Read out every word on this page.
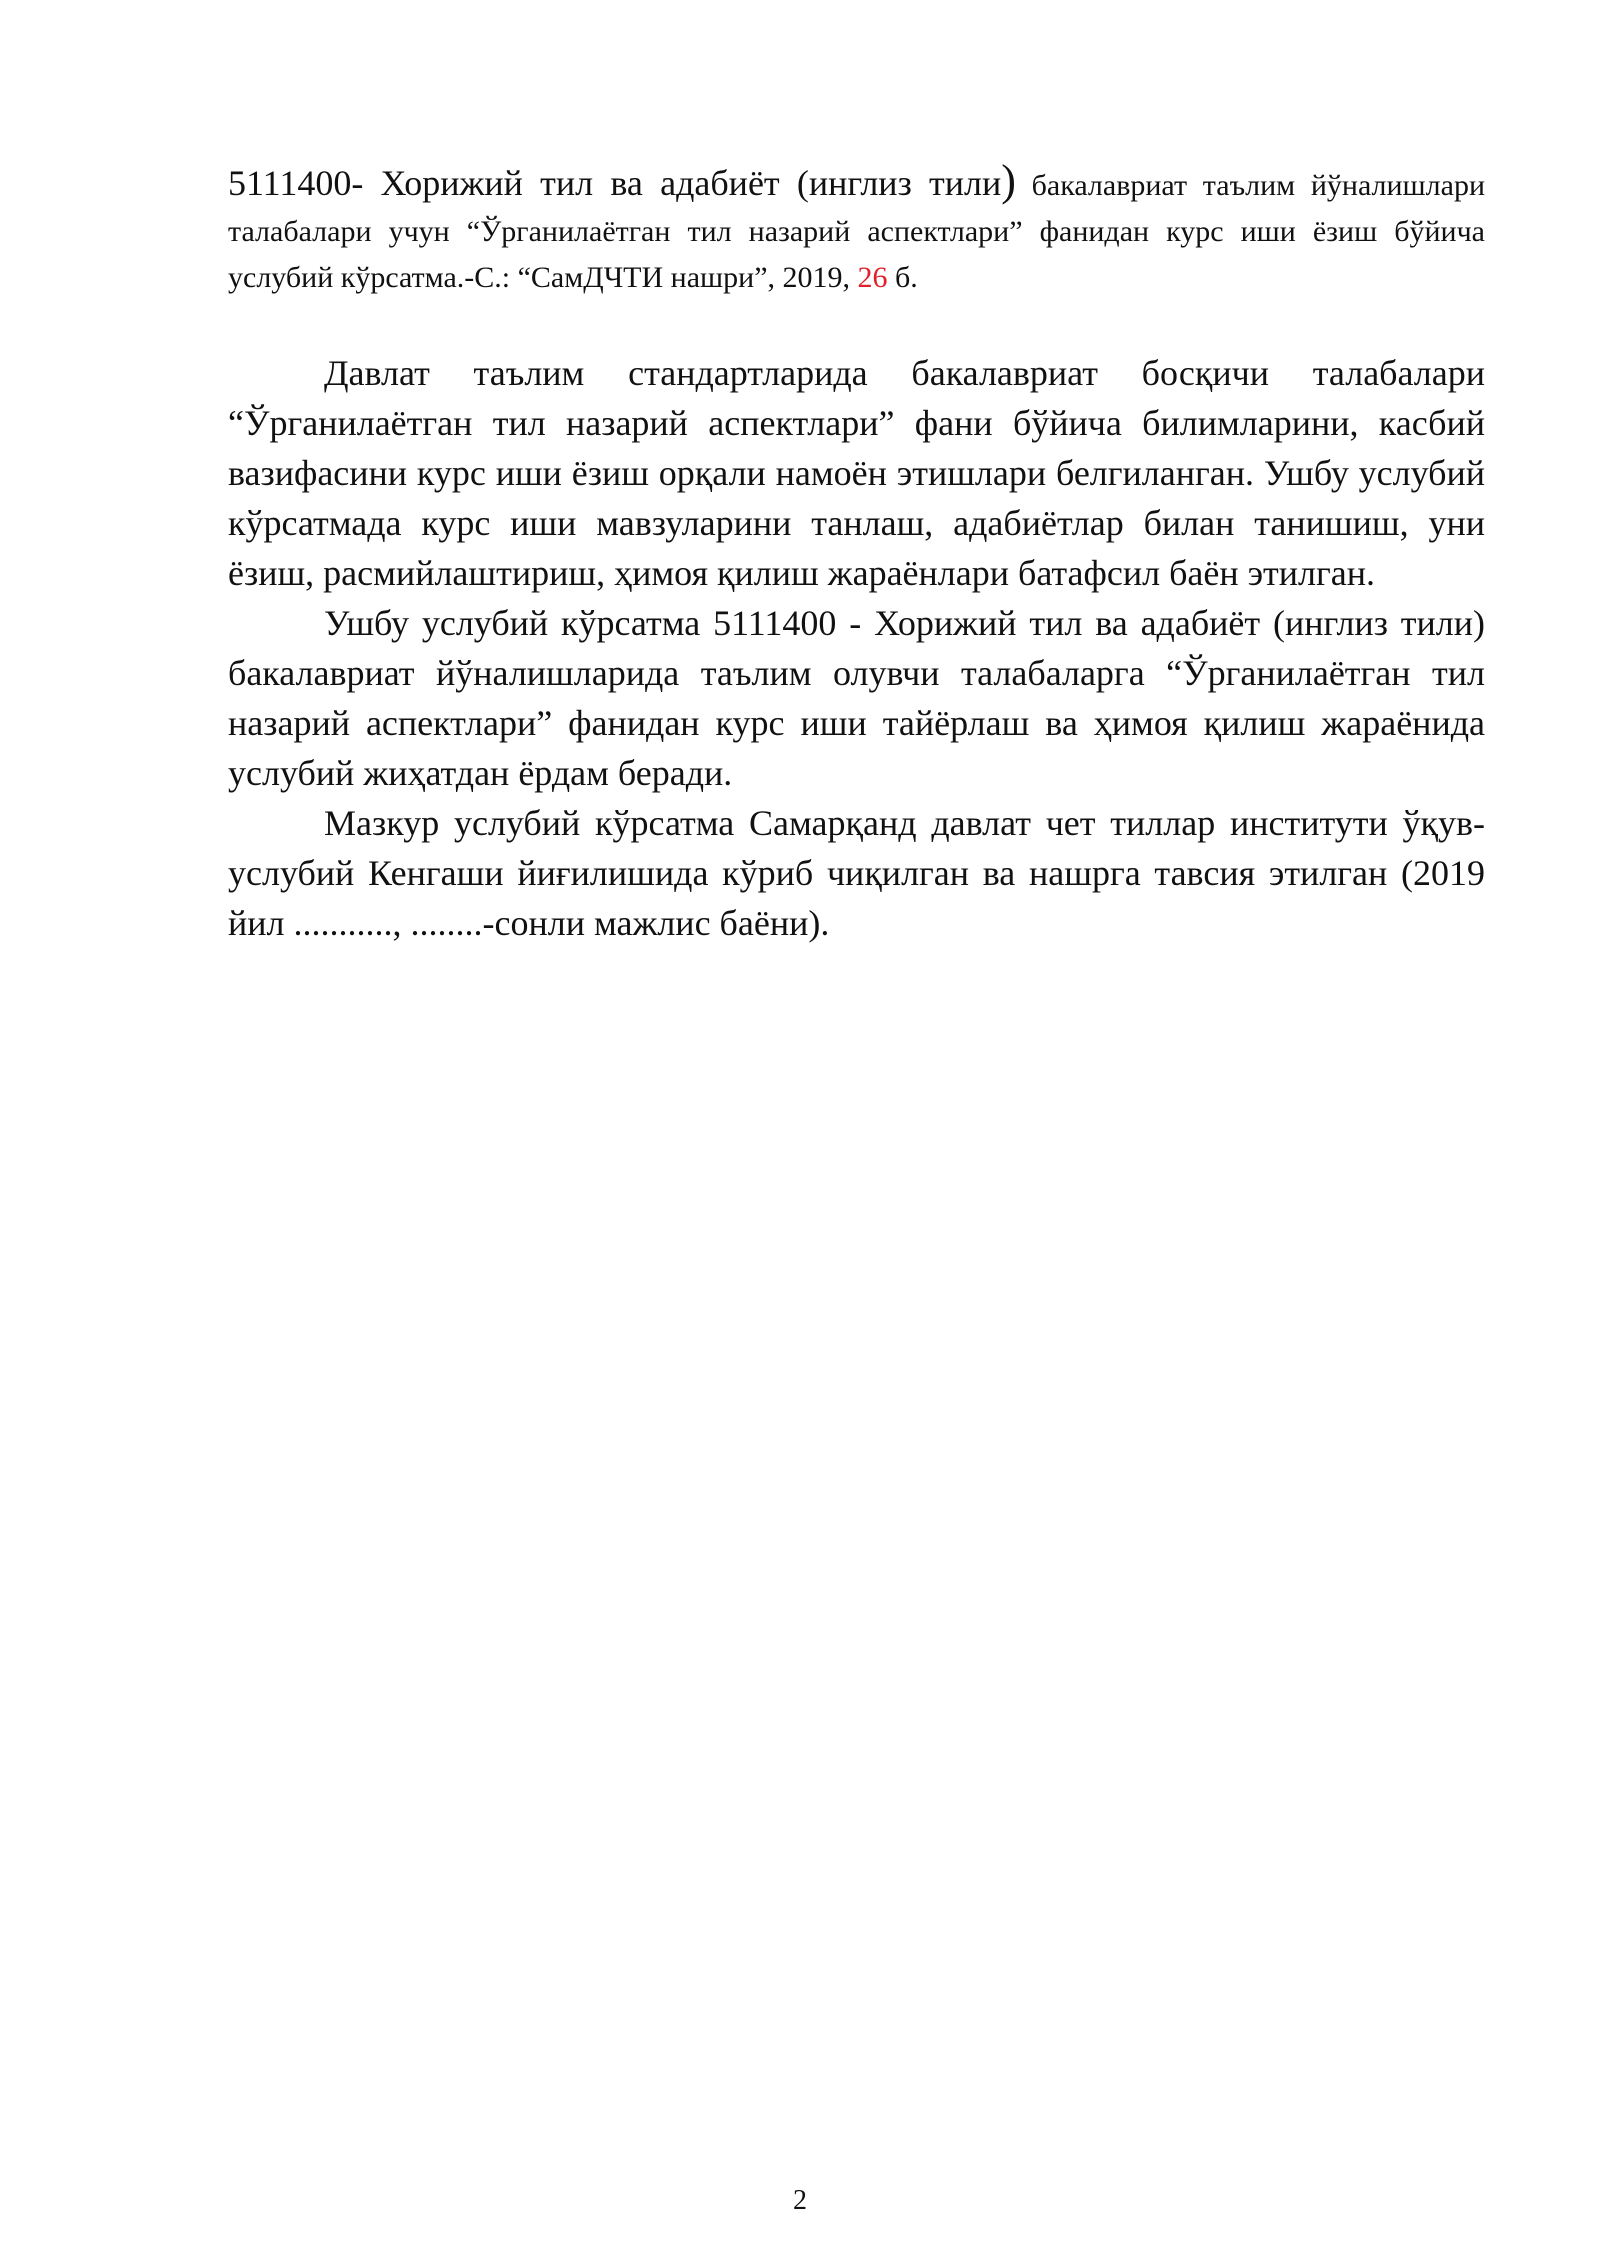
5111400- Хорижий тил ва адабиёт (инглиз тили) бакалавриат таълим йўналишлари талабалари учун “Ўрганилаётган тил назарий аспектлари” фанидан курс иши ёзиш бўйича услубий кўрсатма.-С.: “СамДЧТИ нашри”, 2019, 26 б.

Давлат таълим стандартларида бакалавриат босқичи талабалари “Ўрганилаётган тил назарий аспектлари” фани бўйича билимларини, касбий вазифасини курс иши ёзиш орқали намоён этишлари белгиланган. Ушбу услубий кўрсатмада курс иши мавзуларини танлаш, адабиётлар билан танишиш, уни ёзиш, расмийлаштириш, ҳимоя қилиш жараёнлари батафсил баён этилган.

Ушбу услубий кўрсатма 5111400 - Хорижий тил ва адабиёт (инглиз тили) бакалавриат йўналишларида таълим олувчи талабаларга “Ўрганилаётган тил назарий аспектлари” фанидан курс иши тайёрлаш ва ҳимоя қилиш жараёнида услубий жиҳатдан ёрдам беради.

Мазкур услубий кўрсатма Самарқанд давлат чет тиллар институти ўқув-услубий Кенгаши йиғилишида кўриб чиқилган ва нашрга тавсия этилган (2019 йил ..........., ........-сонли мажлис баёни).

2
